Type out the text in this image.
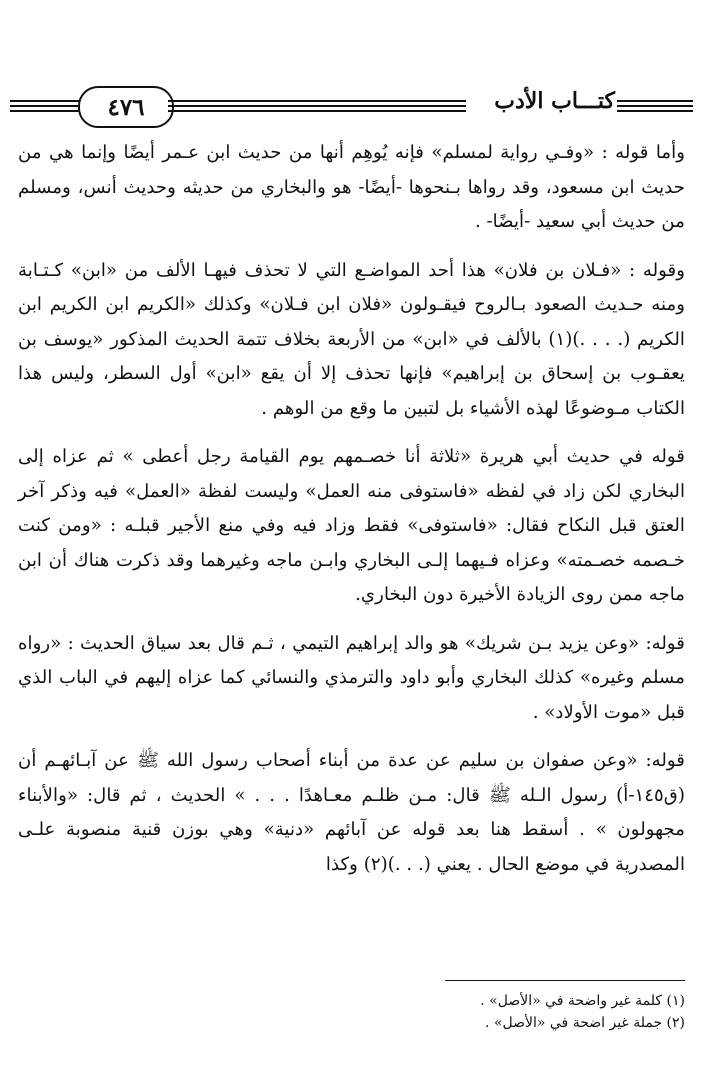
٤٧٦	كتـــاب الأدب

وأما قوله : «وفـي رواية لمسلم» فإنه يُوهِم أنها من حديث ابن عـمر أيضًا وإنما هي من حديث ابن مسعود، وقد رواها بـنحوها -أيضًا- هو والبخاري من حديثه وحديث أنس، ومسلم من حديث أبي سعيد -أيضًا- .

وقوله : «فـلان بن فلان» هذا أحد المواضـع التي لا تحذف فيهـا الألف من «ابن» كـتـابة ومنه حـديث الصعود بـالروح فيقـولون «فلان ابن فـلان» وكذلك «الكريم ابن الكريم ابن الكريم (. . . .)(١) بالألف في «ابن» من الأربعة بخلاف تتمة الحديث المذكور «يوسف بن يعقـوب بن إسحاق بن إبراهيم» فإنها تحذف إلا أن يقع «ابن» أول السطر، وليس هذا الكتاب مـوضوعًا لهذه الأشياء بل لتبين ما وقع من الوهم .

قوله في حديث أبي هريرة «ثلاثة أنا خصـمهم يوم القيامة رجل أعطى » ثم عزاه إلى البخاري لكن زاد في لفظه «فاستوفى منه العمل» وليست لفظة «العمل» فيه وذكر آخر العتق قبل النكاح فقال: «فاستوفى» فقط وزاد فيه وفي منع الأجير قبلـه : «ومن كنت خـصمه خصـمته» وعزاه فـيهما إلـى البخاري وابـن ماجه وغيرهما وقد ذكرت هناك أن ابن ماجه ممن روى الزيادة الأخيرة دون البخاري.

قوله: «وعن يزيد بـن شريك» هو والد إبراهيم التيمي ، ثـم قال بعد سياق الحديث : «رواه مسلم وغيره» كذلك البخاري وأبو داود والترمذي والنسائي كما عزاه إليهم في الباب الذي قبل «موت الأولاد» .

قوله: «وعن صفوان بن سليم عن عدة من أبناء أصحاب رسول الله ﷺ عن آبـائهـم أن (ق١٤٥-أ) رسول الـله ﷺ قال: مـن ظلـم معـاهدًا . . . » الحديث ، ثم قال: «والأبناء مجهولون » . أسقط هنا بعد قوله عن آبائهم «دنية» وهي بوزن قنية منصوبة علـى المصدرية في موضع الحال . يعني (. . .)(٢) وكذا

(١) كلمة غير واضحة في «الأصل» .
(٢) جملة غير اضحة في «الأصل» .
